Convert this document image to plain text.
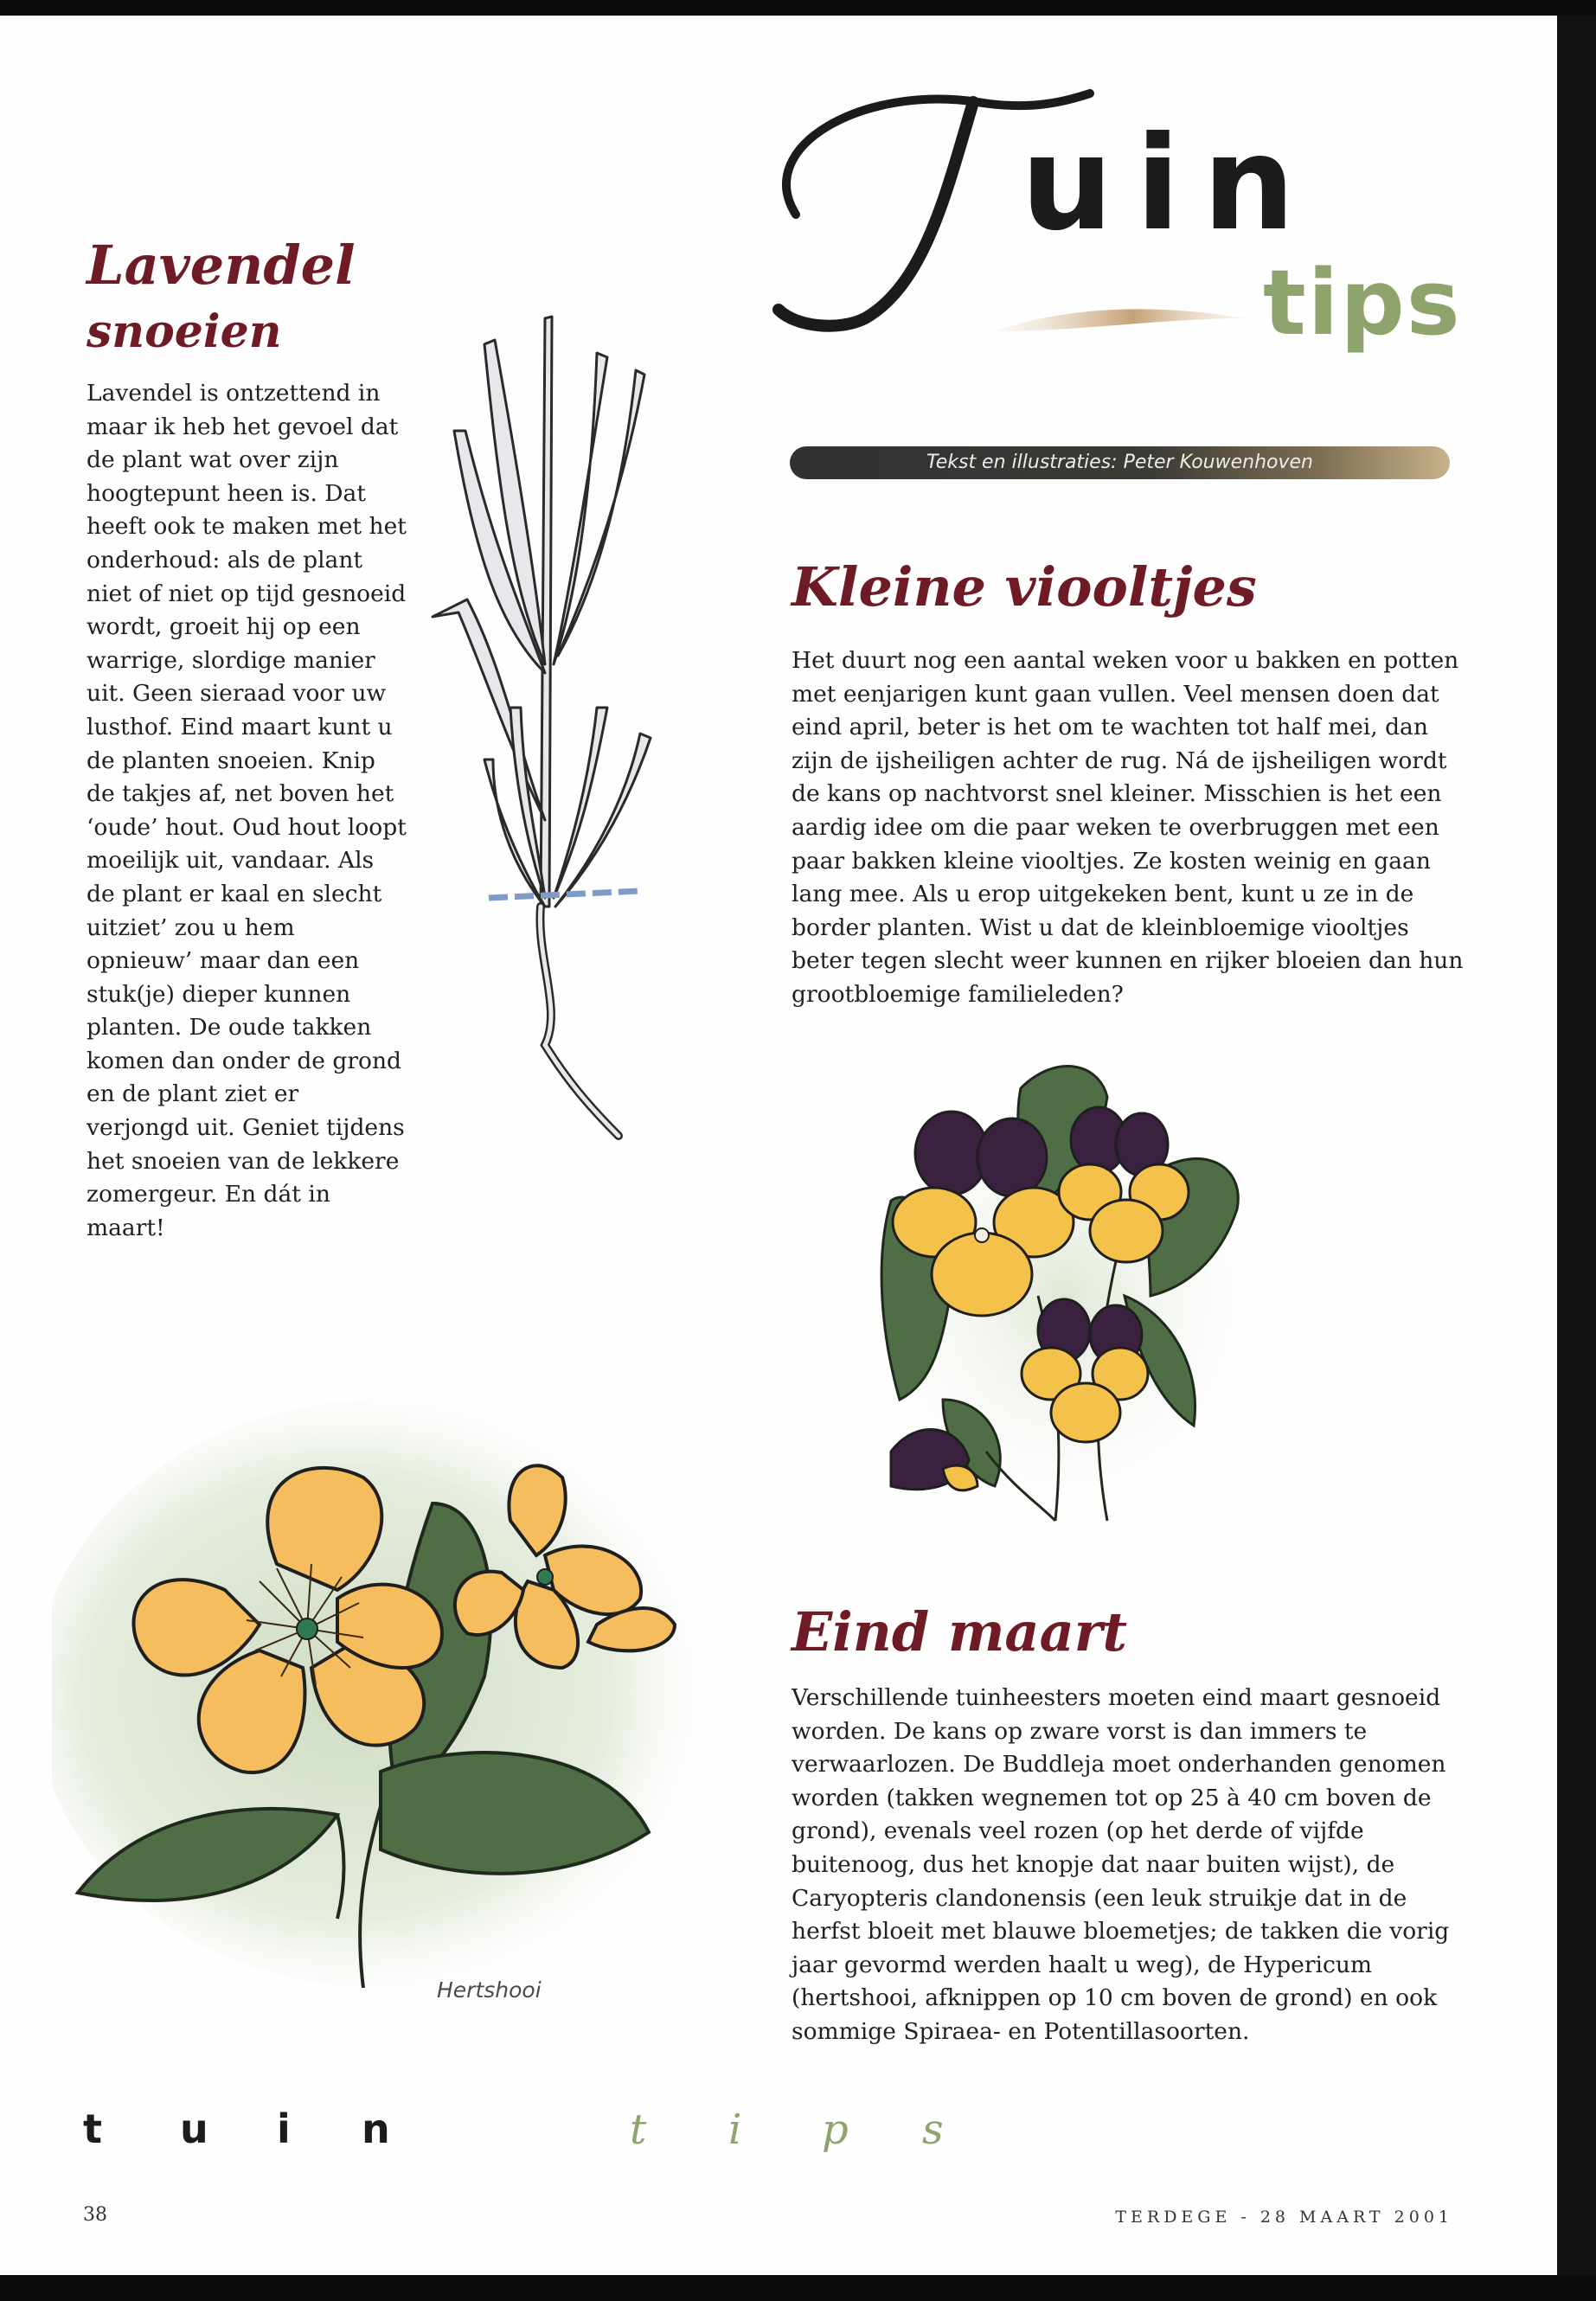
uin

tips

Tekst en illustraties: Peter Kouwenhoven
Lavendel
snoeien

Lavendel is ontzettend in maar ik heb het gevoel dat de plant wat over zijn hoogtepunt heen is. Dat heeft ook te maken met het onderhoud: als de plant niet of niet op tijd gesnoeid wordt, groeit hij op een warrige, slordige manier uit. Geen sieraad voor uw lusthof. Eind maart kunt u de planten snoeien. Knip de takjes af, net boven het ‘oude’ hout. Oud hout loopt moeilijk uit, vandaar. Als de plant er kaal en slecht uitziet’ zou u hem opnieuw’ maar dan een stuk(je) dieper kunnen planten. De oude takken komen dan onder de grond en de plant ziet er verjongd uit. Geniet tijdens het snoeien van de lekkere zomergeur. En dát in maart!

Kleine viooltjes

Het duurt nog een aantal weken voor u bakken en potten met eenjarigen kunt gaan vullen. Veel mensen doen dat eind april, beter is het om te wachten tot half mei, dan zijn de ijsheiligen achter de rug. Ná de ijsheiligen wordt de kans op nachtvorst snel kleiner. Misschien is het een aardig idee om die paar weken te overbruggen met een paar bakken kleine viooltjes. Ze kosten weinig en gaan lang mee. Als u erop uitgekeken bent, kunt u ze in de border planten. Wist u dat de kleinbloemige viooltjes beter tegen slecht weer kunnen en rijker bloeien dan hun grootbloemige familieleden?

Eind maart

Verschillende tuinheesters moeten eind maart gesnoeid worden. De kans op zware vorst is dan immers te verwaarlozen. De Buddleja moet onderhanden genomen worden (takken wegnemen tot op 25 à 40 cm boven de grond), evenals veel rozen (op het derde of vijfde buitenoog, dus het knopje dat naar buiten wijst), de Caryopteris clandonensis (een leuk struikje dat in de herfst bloeit met blauwe bloemetjes; de takken die vorig jaar gevormd werden haalt u weg), de Hypericum (hertshooi, afknippen op 10 cm boven de grond) en ook sommige Spiraea- en Potentillasoorten.

Hertshooi

t u i n	t i p s

38	TERDEGE - 28 MAART 2001
